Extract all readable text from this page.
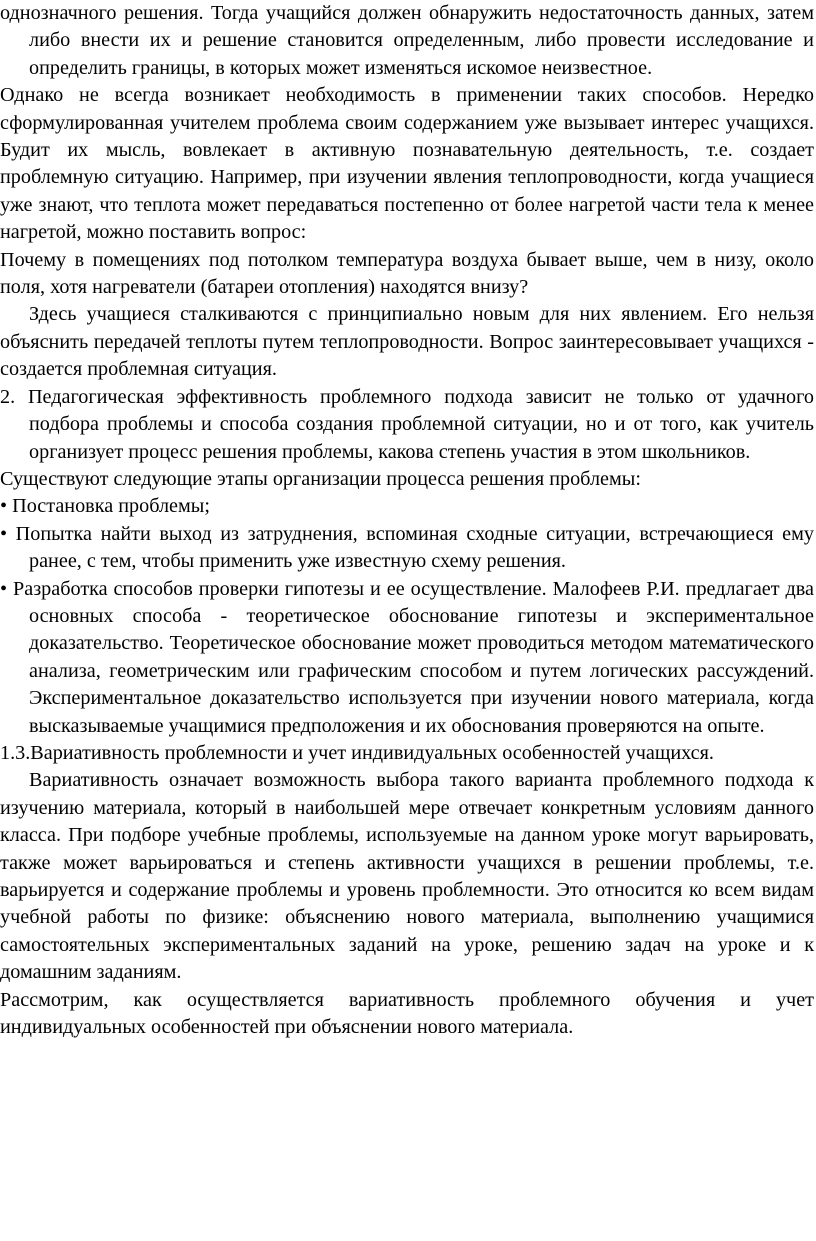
однозначного решения. Тогда учащийся должен обнаружить недостаточность данных, затем либо внести их и решение становится определенным, либо провести исследование и определить границы, в которых может изменяться искомое неизвестное.

Однако не всегда возникает необходимость в применении таких способов. Нередко сформулированная учителем проблема своим содержанием уже вызывает интерес учащихся. Будит их мысль, вовлекает в активную познавательную деятельность, т.е. создает проблемную ситуацию. Например, при изучении явления теплопроводности, когда учащиеся уже знают, что теплота может передаваться постепенно от более нагретой части тела к менее нагретой, можно поставить вопрос:

Почему в помещениях под потолком температура воздуха бывает выше, чем в низу, около поля, хотя нагреватели (батареи отопления) находятся внизу?

Здесь учащиеся сталкиваются с принципиально новым для них явлением. Его нельзя объяснить передачей теплоты путем теплопроводности. Вопрос заинтересовывает учащихся - создается проблемная ситуация.

2. Педагогическая эффективность проблемного подхода зависит не только от удачного подбора проблемы и способа создания проблемной ситуации, но и от того, как учитель организует процесс решения проблемы, какова степень участия в этом школьников.

Существуют следующие этапы организации процесса решения проблемы:

• Постановка проблемы;

• Попытка найти выход из затруднения, вспоминая сходные ситуации, встречающиеся ему ранее, с тем, чтобы применить уже известную схему решения.

• Разработка способов проверки гипотезы и ее осуществление. Малофеев Р.И. предлагает два основных способа - теоретическое обоснование гипотезы и экспериментальное доказательство. Теоретическое обоснование может проводиться методом математического анализа, геометрическим или графическим способом и путем логических рассуждений. Экспериментальное доказательство используется при изучении нового материала, когда высказываемые учащимися предположения и их обоснования проверяются на опыте.

1.3.Вариативность проблемности и учет индивидуальных особенностей учащихся.

Вариативность означает возможность выбора такого варианта проблемного подхода к изучению материала, который в наибольшей мере отвечает конкретным условиям данного класса. При подборе учебные проблемы, используемые на данном уроке могут варьировать, также может варьироваться и степень активности учащихся в решении проблемы, т.е. варьируется и содержание проблемы и уровень проблемности. Это относится ко всем видам учебной работы по физике: объяснению нового материала, выполнению учащимися самостоятельных экспериментальных заданий на уроке, решению задач на уроке и к домашним заданиям.

Рассмотрим, как осуществляется вариативность проблемного обучения и учет индивидуальных особенностей при объяснении нового материала.
